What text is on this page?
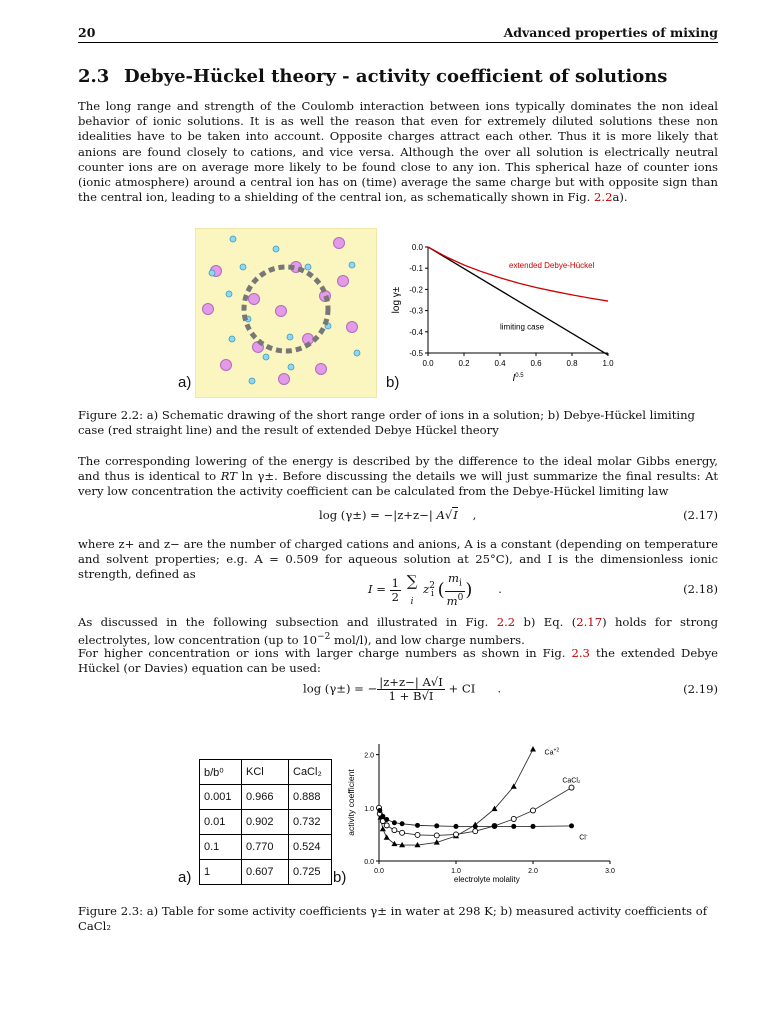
20	Advanced properties of mixing
2.3 Debye-Hückel theory - activity coefficient of solutions

The long range and strength of the Coulomb interaction between ions typically dominates the non ideal behavior of ionic solutions. It is as well the reason that even for extremely diluted solutions these non idealities have to be taken into account. Opposite charges attract each other. Thus it is more likely that anions are found closely to cations, and vice versa. Although the over all solution is electrically neutral counter ions are on average more likely to be found close to any ion. This spherical haze of counter ions (ionic atmosphere) around a central ion has on (time) average the same charge but with opposite sign than the central ion, leading to a shielding of the central ion, as schematically shown in Fig. 2.2a).

a)	b)
0.0
-0.1
-0.2
-0.3
-0.4
-0.5
0.0	0.2	0.4	0.6	0.8	1.0
limiting case
extended Debye-Hückel
log γ±
$I^{0.5}$

Figure 2.2: a) Schematic drawing of the short range order of ions in a solution; b) Debye-Hückel limiting case (red straight line) and the result of extended Debye Hückel theory

The corresponding lowering of the energy is described by the difference to the ideal molar Gibbs energy, and thus is identical to RT ln γ±. Before discussing the details we will just summarize the final results: At very low concentration the activity coefficient can be calculated from the Debye-Hückel limiting law

log (γ±) = −|z+z−| A√I ,	(2.17)

where z+ and z− are the number of charged cations and anions, A is a constant (depending on temperature and solvent properties; e.g. A = 0.509 for aqueous solution at 25°C), and I is the dimensionless ionic strength, defined as

$I = \frac{1}{2}$
∑
i $z^2_i$ ( $\frac{m_i}{m^0}$ ) .	(2.18)

As discussed in the following subsection and illustrated in Fig. 2.2 b) Eq. (2.17) holds for strong electrolytes, low concentration (up to $10^{-2}$ mol/l), and low charge numbers.

For higher concentration or ions with larger charge numbers as shown in Fig. 2.3 the extended Debye Hückel (or Davies) equation can be used:

log (γ±) = − $\frac{|z+z-| A√I}{1 + B√I}$ + CI .	(2.19)
b/b⁰	KCl	CaCl₂
0.001	0.966	0.888
0.01	0.902	0.732
0.1	0.770	0.524
1	0.607	0.725
a)	b)
0.0
1.0
2.0
0.0	1.0	2.0	3.0
$Ca^{+2}$
CaCl₂
Cl-
activity coefficient
electrolyte molality

Figure 2.3: a) Table for some activity coefficients γ± in water at 298 K; b) measured activity coefficients of CaCl₂
